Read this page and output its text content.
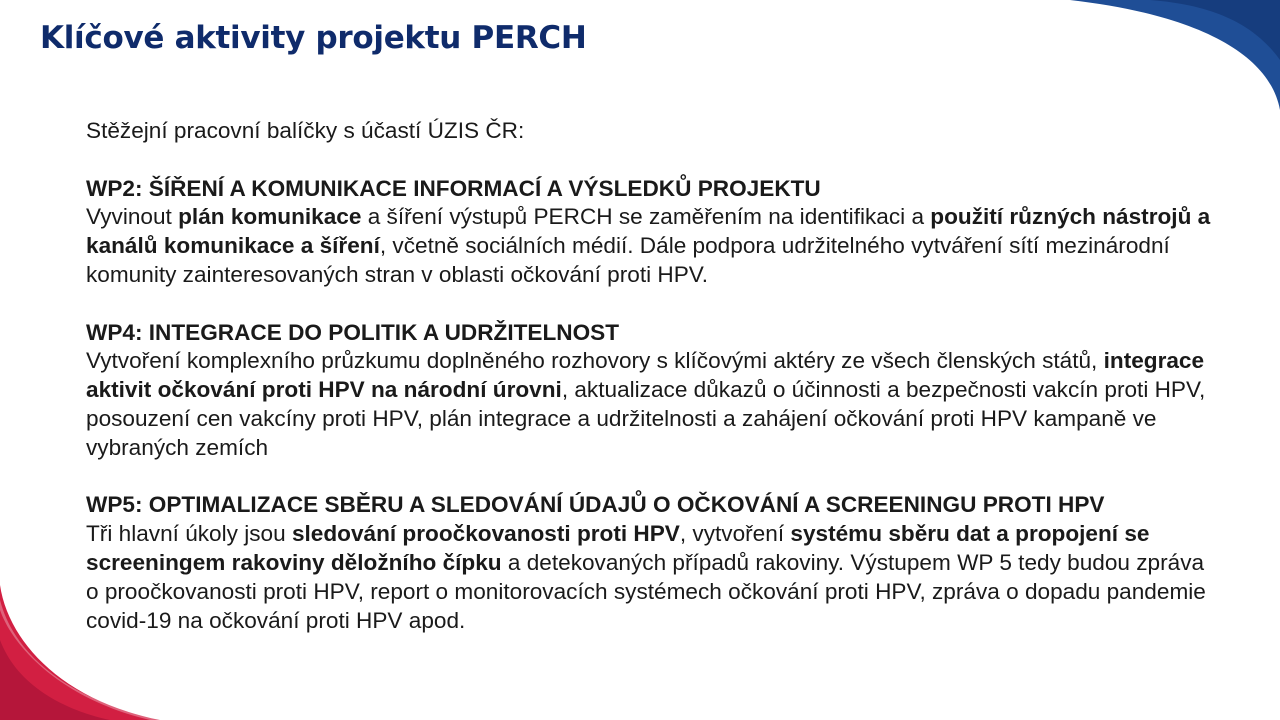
Klíčové aktivity projektu PERCH

Stěžejní pracovní balíčky s účastí ÚZIS ČR:

WP2: ŠÍŘENÍ A KOMUNIKACE INFORMACÍ A VÝSLEDKŮ PROJEKTU

Vyvinout plán komunikace a šíření výstupů PERCH se zaměřením na identifikaci a použití různých nástrojů a kanálů komunikace a šíření, včetně sociálních médií. Dále podpora udržitelného vytváření sítí mezinárodní komunity zainteresovaných stran v oblasti očkování proti HPV.

WP4: INTEGRACE DO POLITIK A UDRŽITELNOST

Vytvoření komplexního průzkumu doplněného rozhovory s klíčovými aktéry ze všech členských států, integrace aktivit očkování proti HPV na národní úrovni, aktualizace důkazů o účinnosti a bezpečnosti vakcín proti HPV, posouzení cen vakcíny proti HPV, plán integrace a udržitelnosti a zahájení očkování proti HPV kampaně ve vybraných zemích

WP5: OPTIMALIZACE SBĚRU A SLEDOVÁNÍ ÚDAJŮ O OČKOVÁNÍ A SCREENINGU PROTI HPV

Tři hlavní úkoly jsou sledování proočkovanosti proti HPV, vytvoření systému sběru dat a propojení se screeningem rakoviny děložního čípku a detekovaných případů rakoviny. Výstupem WP 5 tedy budou zpráva o proočkovanosti proti HPV, report o monitorovacích systémech očkování proti HPV, zpráva o dopadu pandemie covid-19 na očkování proti HPV apod.
